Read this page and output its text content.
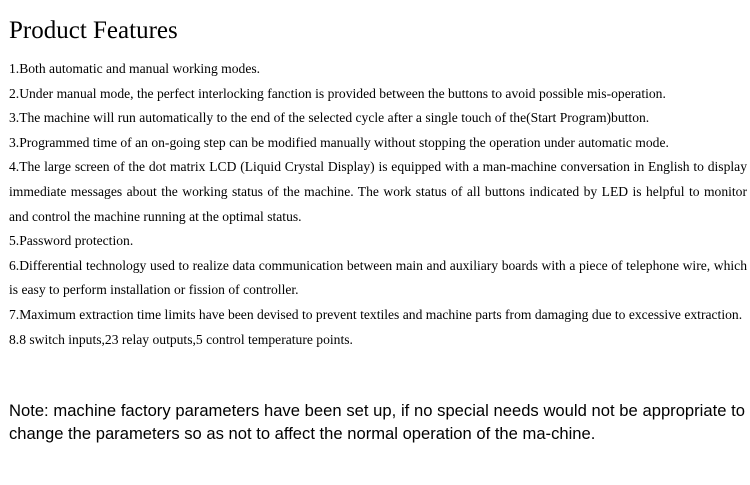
Product Features
1.Both automatic and manual working modes.
2.Under manual mode, the perfect interlocking fanction is provided between the buttons to avoid possible mis-operation.
3.The machine will run automatically to the end of the selected cycle after a single touch of the(Start Program)button.
3.Programmed time of an on-going step can be modified manually without stopping the operation under automatic mode.
4.The large screen of the dot matrix LCD (Liquid Crystal Display) is equipped with a man-machine conversation in English to display immediate messages about the working status of the machine. The work status of all buttons indicated by LED is helpful to monitor and control the machine running at the optimal status.
5.Password protection.
6.Differential technology used to realize data communication between main and auxiliary boards with a piece of telephone wire, which is easy to perform installation or fission of controller.
7.Maximum extraction time limits have been devised to prevent textiles and machine parts from damaging due to excessive extraction.
8.8 switch inputs,23 relay outputs,5 control temperature points.

Note: machine factory parameters have been set up, if no special needs would not be appropriate to change the parameters so as not to affect the normal operation of the ma-chine.
